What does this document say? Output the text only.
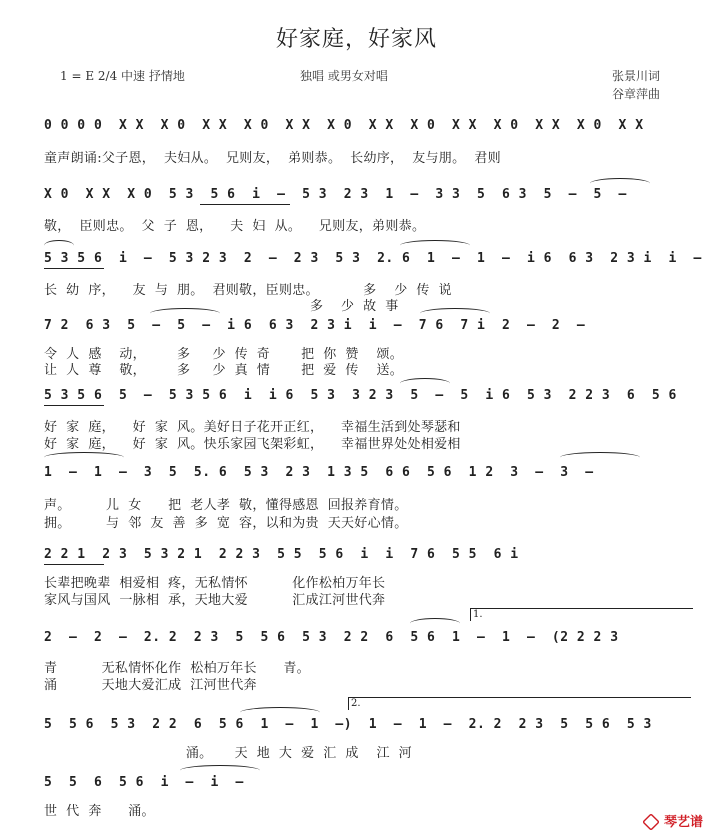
好家庭，好家风
1 = E 2/4 中速 抒情地	独唱 或男女对唱	张景川词
谷章萍曲
0 0 0 0  X X  X 0  X X  X 0  X X  X 0  X X  X 0  X X  X 0  X X  X 0  X X
童声朗诵:父子恩，  夫妇从。  兄则友，  弟则恭。  长幼序，  友与朋。  君则
X 0  X X  X 0  5 3  5 6  i  –  5 3  2 3  1  –  3 3  5  6 3  5  –  5  –
敬，  臣则忠。  父  子  恩，    夫  妇  从。    兄则友，弟则恭。
5 3 5 6  i  –  5 3 2 3  2  –  2 3  5 3  2. 6  1  –  1  –  i 6  6 3  2 3 i  i  –
长  幼  序，    友  与  朋。  君则敬，臣则忠。          多    少  传  说
多    少  故  事
7 2  6 3  5  –  5  –  i 6  6 3  2 3 i  i  –  7 6  7 i  2  –  2  –
令  人  感    动，       多     少  传  奇       把  你  赞    颂。
让  人  尊    敬，       多     少  真  情       把  爱  传    送。
5 3 5 6  5  –  5 3 5 6  i  i 6  5 3  3 2 3  5  –  5  i 6  5 3  2 2 3  6  5 6
好  家  庭，    好  家  风。美好日子花开正红，    幸福生活到处琴瑟和
好  家  庭，    好  家  风。快乐家园飞架彩虹，    幸福世界处处相爱相
1  –  1  –  3  5  5. 6  5 3  2 3  1 3 5  6 6  5 6  1 2  3  –  3  –
声。        儿  女      把  老人孝  敬，懂得感恩  回报养育情。
拥。        与  邻  友  善  多  宽  容，以和为贵  天天好心情。
2 2 1  2 3  5 3 2 1  2 2 3  5 5  5 6  i  i  7 6  5 5  6 i
长辈把晚辈  相爱相  疼，无私情怀          化作松柏万年长
家风与国风  一脉相  承，天地大爱          汇成江河世代奔
1.
2  –  2  –  2. 2  2 3  5  5 6  5 3  2 2  6  5 6  1  –  1  –  (2 2 2 3
青          无私情怀化作  松柏万年长      青。
涌          天地大爱汇成  江河世代奔
2.
5  5 6  5 3  2 2  6  5 6  1  –  1  –)  1  –  1  –  2. 2  2 3  5  5 6  5 3
涌。     天  地  大  爱  汇  成    江  河
5  5  6  5 6  i  –  i  –
世  代  奔      涌。
琴艺谱
